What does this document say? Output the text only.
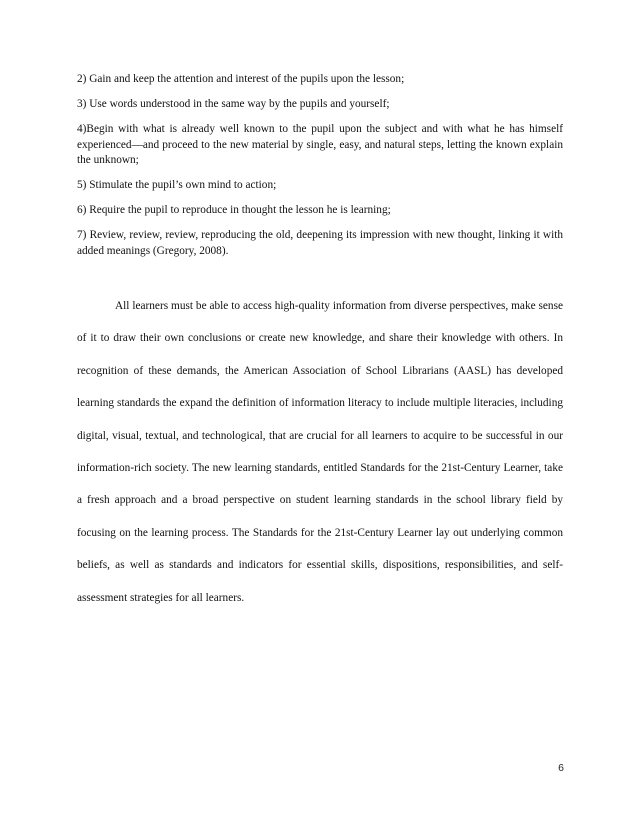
2) Gain and keep the attention and interest of the pupils upon the lesson;

3) Use words understood in the same way by the pupils and yourself;

4)Begin with what is already well known to the pupil upon the subject and with what he has himself experienced—and proceed to the new material by single, easy, and natural steps, letting the known explain the unknown;

5) Stimulate the pupil’s own mind to action;

6) Require the pupil to reproduce in thought the lesson he is learning;

7) Review, review, review, reproducing the old, deepening its impression with new thought, linking it with added meanings (Gregory, 2008).

All learners must be able to access high-quality information from diverse perspectives, make sense of it to draw their own conclusions or create new knowledge, and share their knowledge with others. In recognition of these demands, the American Association of School Librarians (AASL) has developed learning standards the expand the definition of information literacy to include multiple literacies, including digital, visual, textual, and technological, that are crucial for all learners to acquire to be successful in our information-rich society. The new learning standards, entitled Standards for the 21st-Century Learner, take a fresh approach and a broad perspective on student learning standards in the school library field by focusing on the learning process. The Standards for the 21st-Century Learner lay out underlying common beliefs, as well as standards and indicators for essential skills, dispositions, responsibilities, and self-assessment strategies for all learners.

6
